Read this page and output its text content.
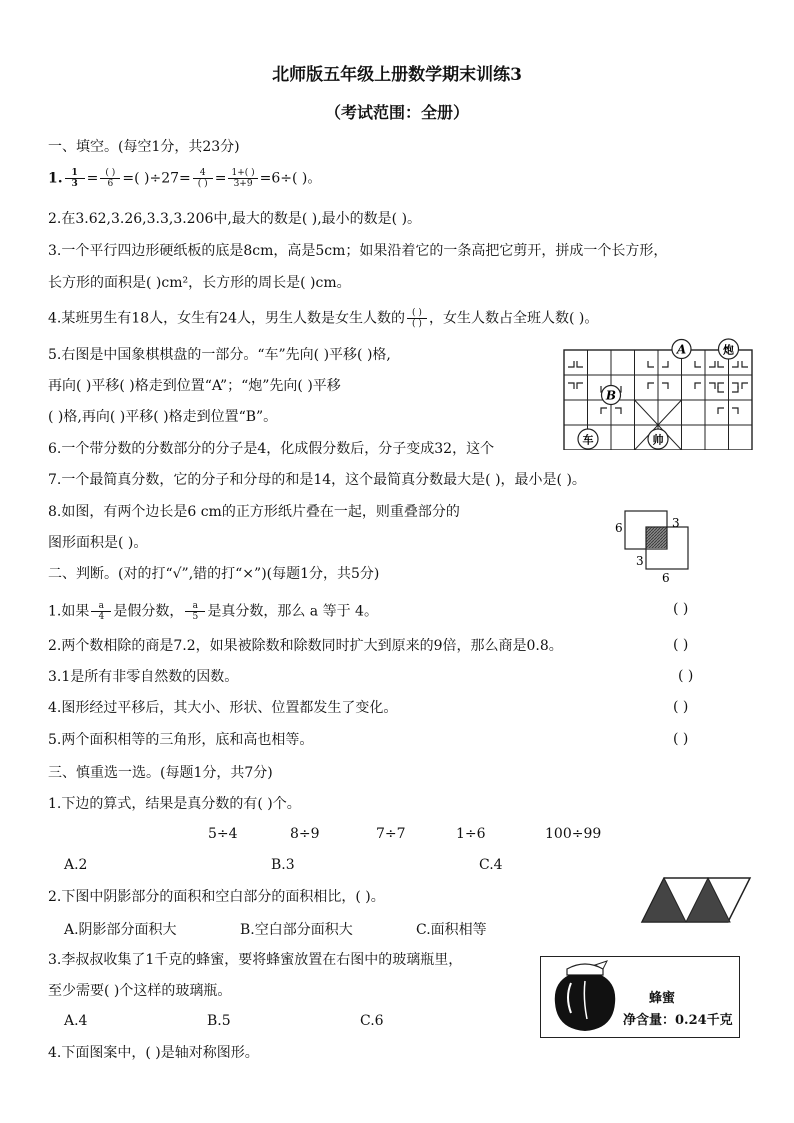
北师版五年级上册数学期末训练3
（考试范围：全册）
一、填空。(每空1分，共23分)
1. $\frac{1}{3} = \frac{( )}{6}$ =( )$\div 27= \frac{4}{( )} = \frac{1+( )}{3+9} =6\div$( )。
2.在3.62,3.26,3.3,3.206中,最大的数是( ),最小的数是( )。
3.一个平行四边形硬纸板的底是8cm，高是5cm；如果沿着它的一条高把它剪开，拼成一个长方形，
长方形的面积是( )cm²，长方形的周长是( )cm。
4.某班男生有18人，女生有24人，男生人数是女生人数的 $\frac{( )}{( )}$ ，女生人数占全班人数( )。
5.右图是中国象棋棋盘的一部分。“车”先向( )平移( )格,
再向( )平移( )格走到位置“A”；“炮”先向( )平移
( )格,再向( )平移( )格走到位置“B”。
6.一个带分数的分数部分的分子是4，化成假分数后，分子变成32，这个
7.一个最简真分数，它的分子和分母的和是14，这个最简真分数最大是( )，最小是( )。
8.如图，有两个边长是6 cm的正方形纸片叠在一起，则重叠部分的
图形面积是( )。
A	炮
B
车	帅
6	3
3
6
二、判断。(对的打“√”,错的打“×”)(每题1分，共5分)
1.如果 $\frac{a}{4}$ 是假分数， $\frac{a}{5}$ 是真分数，那么 a 等于 4。	( )
2.两个数相除的商是7.2，如果被除数和除数同时扩大到原来的9倍，那么商是0.8。	( )
3.1是所有非零自然数的因数。	( )
4.图形经过平移后，其大小、形状、位置都发生了变化。	( )
5.两个面积相等的三角形，底和高也相等。	( )
三、慎重选一选。(每题1分，共7分)
1.下边的算式，结果是真分数的有( )个。
5÷4	8÷9	7÷7	1÷6	100÷99
A.2	B.3	C.4
2.下图中阴影部分的面积和空白部分的面积相比，( )。
A.阴影部分面积大	B.空白部分面积大	C.面积相等
3.李叔叔收集了1千克的蜂蜜，要将蜂蜜放置在右图中的玻璃瓶里，
至少需要( )个这样的玻璃瓶。
A.4	B.5	C.6
蜂蜜
净含量：0.24千克
4.下面图案中，( )是轴对称图形。
